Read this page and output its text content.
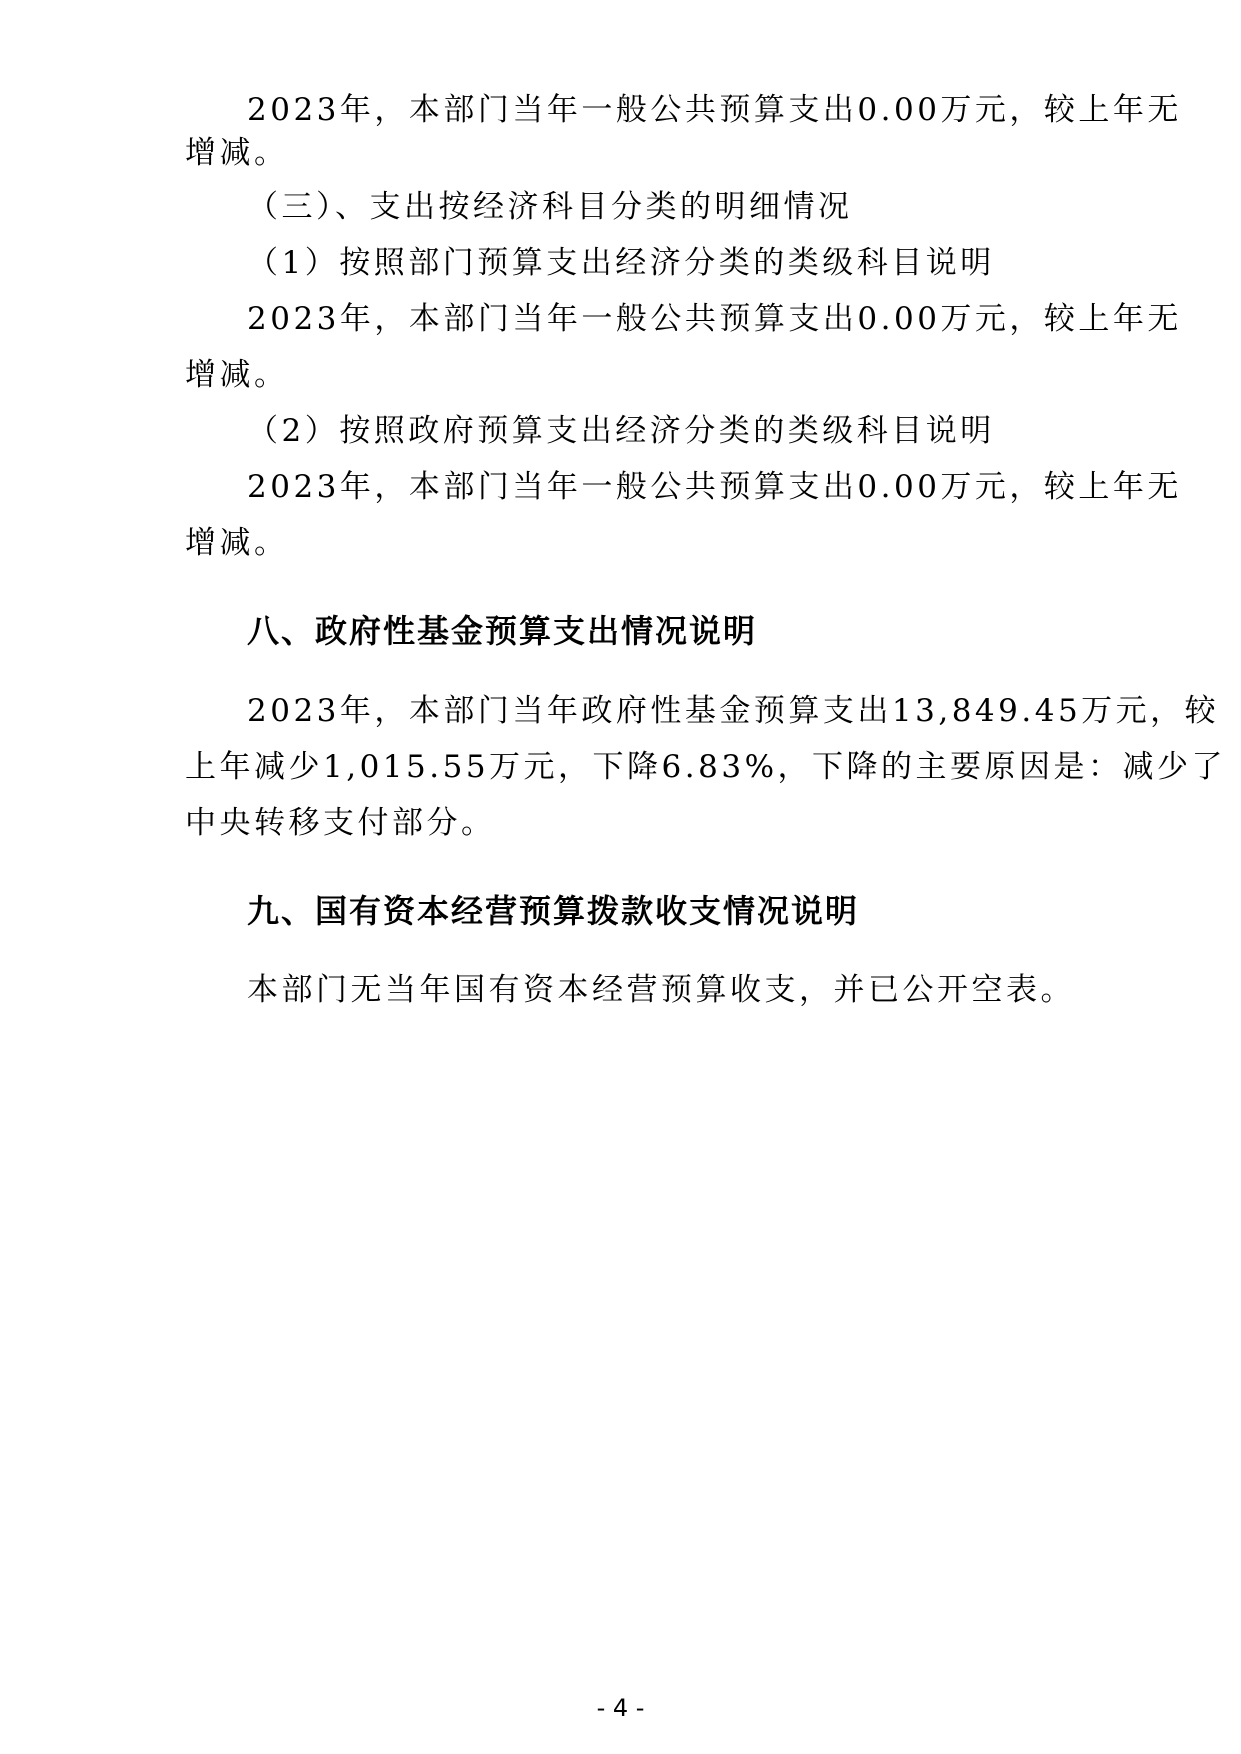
2023年，本部门当年一般公共预算支出0.00万元，较上年无
增减。
（三）、支出按经济科目分类的明细情况
（1）按照部门预算支出经济分类的类级科目说明
2023年，本部门当年一般公共预算支出0.00万元，较上年无
增减。
（2）按照政府预算支出经济分类的类级科目说明
2023年，本部门当年一般公共预算支出0.00万元，较上年无
增减。
八、政府性基金预算支出情况说明
2023年，本部门当年政府性基金预算支出13,849.45万元，较
上年减少1,015.55万元，下降6.83%，下降的主要原因是：减少了
中央转移支付部分。
九、国有资本经营预算拨款收支情况说明
本部门无当年国有资本经营预算收支，并已公开空表。
- 4 -
